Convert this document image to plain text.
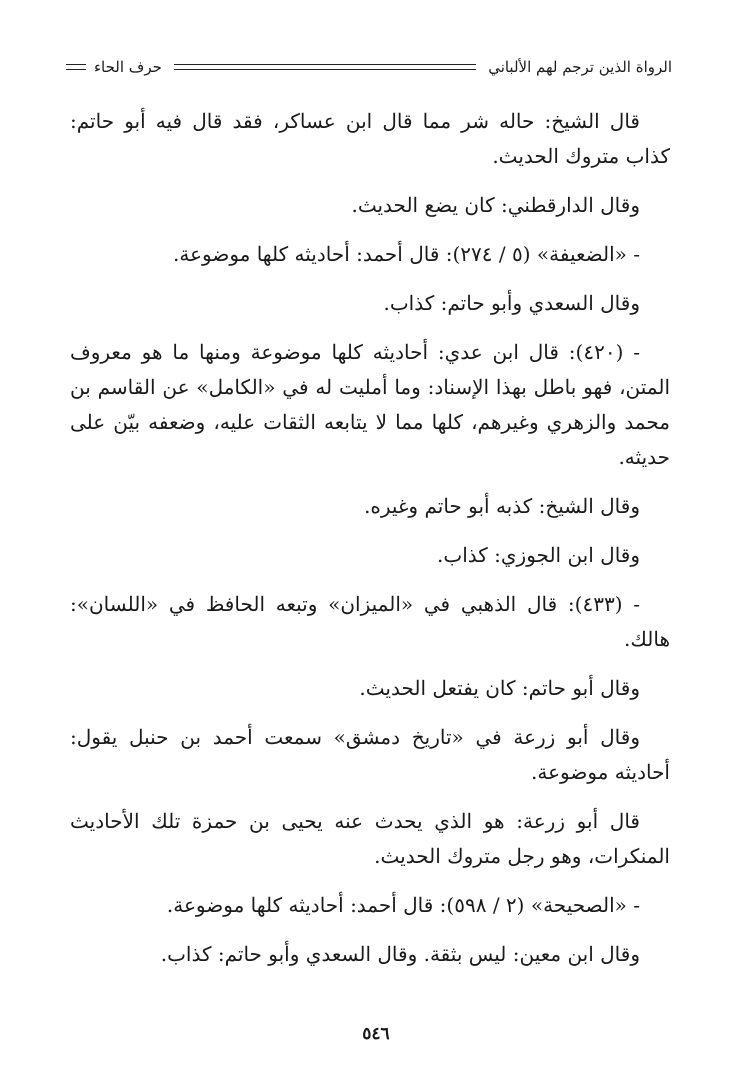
الرواة الذين ترجم لهم الألباني
حرف الحاء

قال الشيخ: حاله شر مما قال ابن عساكر، فقد قال فيه أبو حاتم: كذاب متروك الحديث.

وقال الدارقطني: كان يضع الحديث.

- «الضعيفة» (٥ / ٢٧٤): قال أحمد: أحاديثه كلها موضوعة.

وقال السعدي وأبو حاتم: كذاب.

- (٤٢٠): قال ابن عدي: أحاديثه كلها موضوعة ومنها ما هو معروف المتن، فهو باطل بهذا الإسناد: وما أمليت له في «الكامل» عن القاسم بن محمد والزهري وغيرهم، كلها مما لا يتابعه الثقات عليه، وضعفه بيّن على حديثه.

وقال الشيخ: كذبه أبو حاتم وغيره.

وقال ابن الجوزي: كذاب.

- (٤٣٣): قال الذهبي في «الميزان» وتبعه الحافظ في «اللسان»: هالك.

وقال أبو حاتم: كان يفتعل الحديث.

وقال أبو زرعة في «تاريخ دمشق» سمعت أحمد بن حنبل يقول: أحاديثه موضوعة.

قال أبو زرعة: هو الذي يحدث عنه يحيى بن حمزة تلك الأحاديث المنكرات، وهو رجل متروك الحديث.

- «الصحيحة» (٢ / ٥٩٨): قال أحمد: أحاديثه كلها موضوعة.

وقال ابن معين: ليس بثقة. وقال السعدي وأبو حاتم: كذاب.

٥٤٦
